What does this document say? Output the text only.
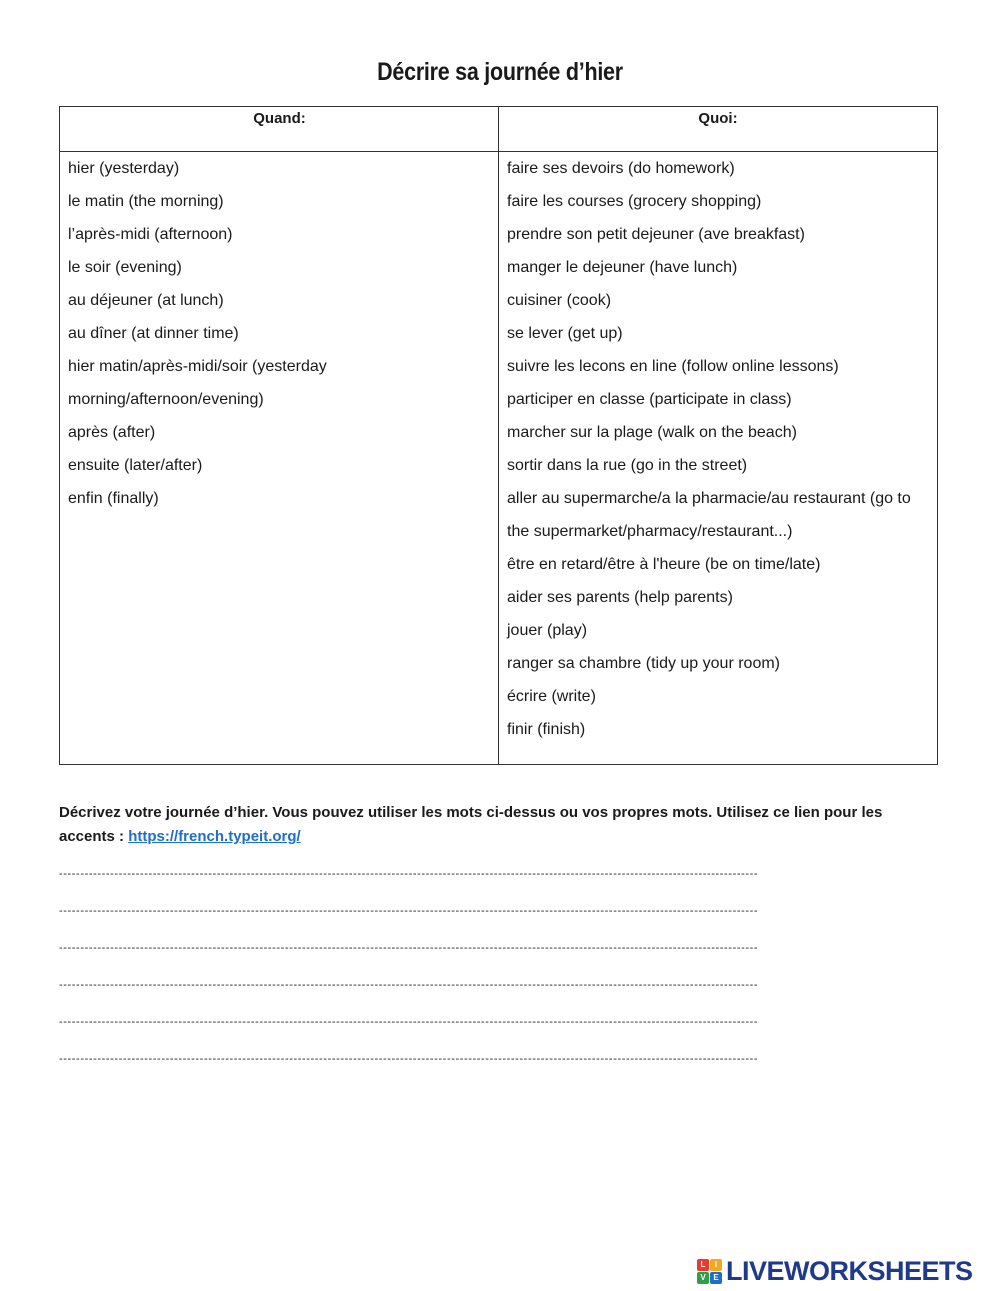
Décrire sa journée d’hier
Quand:	Quoi:
hier (yesterday)
le matin (the morning)
l’après-midi (afternoon)
le soir (evening)
au déjeuner (at lunch)
au dîner (at dinner time)
hier matin/après-midi/soir (yesterday
morning/afternoon/evening)
après (after)
ensuite (later/after)
enfin (finally)
faire ses devoirs (do homework)
faire les courses (grocery shopping)
prendre son petit dejeuner (ave breakfast)
manger le dejeuner (have lunch)
cuisiner (cook)
se lever (get up)
suivre les lecons en line (follow online lessons)
participer en classe (participate in class)
marcher sur la plage (walk on the beach)
sortir dans la rue (go in the street)
aller au supermarche/a la pharmacie/au restaurant (go to
the supermarket/pharmacy/restaurant...)
être en retard/être à l'heure (be on time/late)
aider ses parents (help parents)
jouer (play)
ranger sa chambre (tidy up your room)
écrire (write)
finir (finish)
Décrivez votre journée d’hier. Vous pouvez utiliser les mots ci-dessus ou vos propres mots. Utilisez ce lien pour les accents : https://french.typeit.org/
--------------------------------------------------------------------------------------------------------------------------------------------------------------------
--------------------------------------------------------------------------------------------------------------------------------------------------------------------
--------------------------------------------------------------------------------------------------------------------------------------------------------------------
--------------------------------------------------------------------------------------------------------------------------------------------------------------------
--------------------------------------------------------------------------------------------------------------------------------------------------------------------
--------------------------------------------------------------------------------------------------------------------------------------------------------------------
L	I
V E LIVEWORKSHEETS
